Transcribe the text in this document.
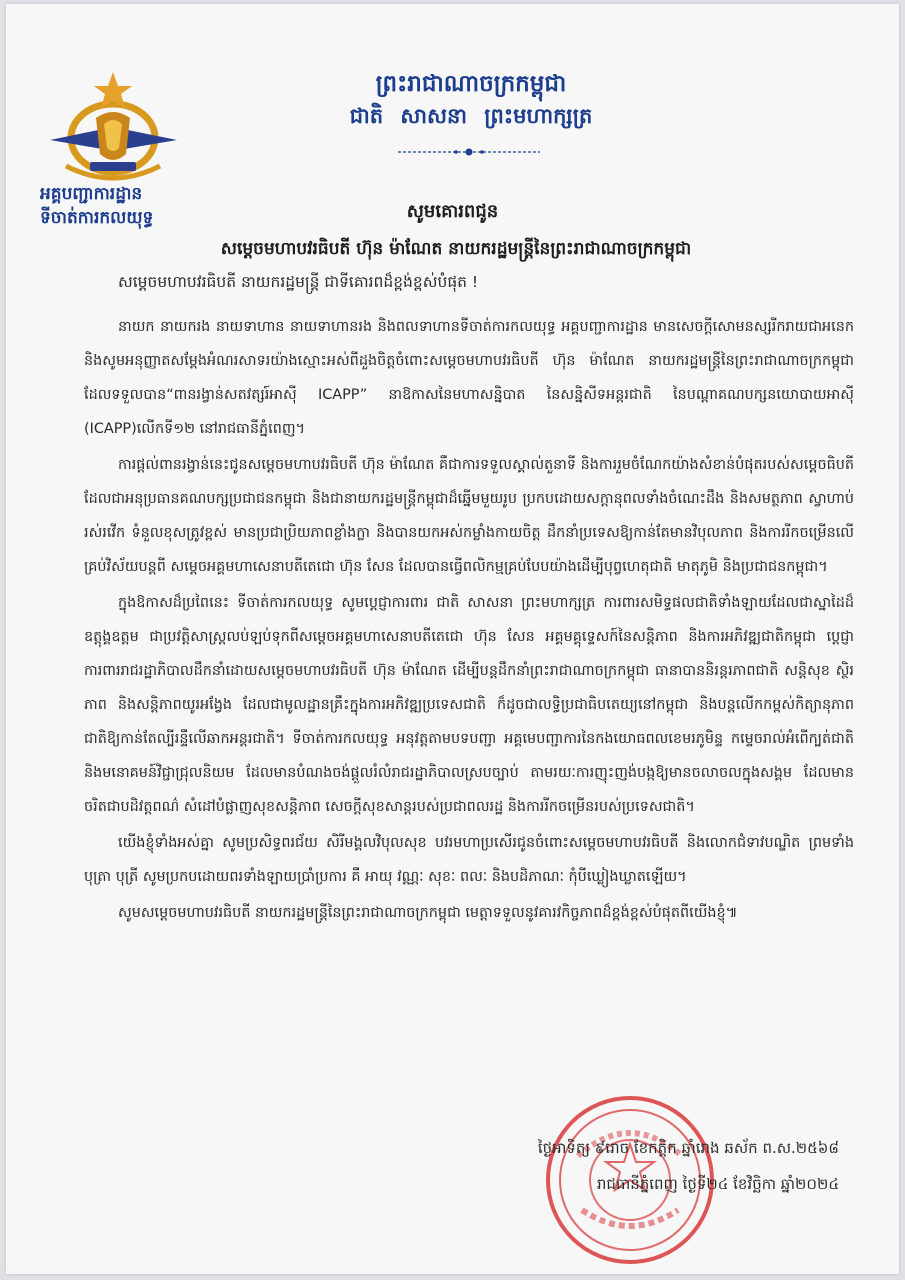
អគ្គបញ្ជាការដ្ឋាន
ទីចាត់ការកលយុទ្ធ
ព្រះរាជាណាចក្រកម្ពុជា
ជាតិ សាសនា ព្រះមហាក្សត្រ
សូមគោរពជូន
សម្តេចមហាបវរធិបតី ហ៊ុន ម៉ាណែត នាយករដ្ឋមន្ត្រីនៃព្រះរាជាណាចក្រកម្ពុជា
សម្តេចមហាបវរធិបតី នាយករដ្ឋមន្ត្រី ជាទីគោរពដ៏ខ្ពង់ខ្ពស់បំផុត !

នាយក នាយករង នាយទាហាន នាយទាហានរង និងពលទាហានទីចាត់ការកលយុទ្ធ អគ្គបញ្ជាការដ្ឋាន មានសេចក្តីសោមនស្សរីករាយជាអនេក និងសូមអនុញ្ញាតសម្តែងអំណរសាទរយ៉ាងស្មោះអស់ពីដួងចិត្តចំពោះសម្តេចមហាបវរធិបតី ហ៊ុន ម៉ាណែត នាយករដ្ឋមន្ត្រីនៃព្រះរាជាណាចក្រកម្ពុជា ដែលទទួលបាន“ពានរង្វាន់សតវត្សរ៍អាស៊ី ICAPP” នាឱកាសនៃមហាសន្និបាត នៃសន្និសីទអន្តរជាតិ នៃបណ្តាគណបក្សនយោបាយអាស៊ី (ICAPP)លើកទី១២ នៅរាជធានីភ្នំពេញ។

ការផ្តល់ពានរង្វាន់នេះជូនសម្តេចមហាបវរធិបតី ហ៊ុន ម៉ាណែត គឺជាការទទួលស្គាល់តួនាទី និងការរួមចំណែកយ៉ាងសំខាន់បំផុតរបស់សម្តេចធិបតី ដែលជាអនុប្រធានគណបក្សប្រជាជនកម្ពុជា និងជានាយករដ្ឋមន្ត្រីកម្ពុជាដ៏ឆ្នើមមួយរូប ប្រកបដោយសក្តានុពលទាំងចំណេះដឹង និងសមត្ថភាព ស្វាហាប់ រស់រវើក ទំនួលខុសត្រូវខ្ពស់ មានប្រជាប្រិយភាពខ្លាំងក្លា និងបានយកអស់កម្លាំងកាយចិត្ត ដឹកនាំប្រទេសឱ្យកាន់តែមានវិបុលភាព និងការរីកចម្រើនលើគ្រប់វិស័យបន្តពី សម្តេចអគ្គមហាសេនាបតីតេជោ ហ៊ុន សែន ដែលបានធ្វើពលិកម្មគ្រប់បែបយ៉ាងដើម្បីបុព្វហេតុជាតិ មាតុភូមិ និងប្រជាជនកម្ពុជា។

ក្នុងឱកាសដ៏ប្រពៃនេះ ទីចាត់ការកលយុទ្ធ សូមប្តេជ្ញាការពារ ជាតិ សាសនា ព្រះមហាក្សត្រ ការពារសមិទ្ធផលជាតិទាំងឡាយដែលជាស្នាដៃដ៏ឧត្តុង្គឧត្តម ជាប្រវត្តិសាស្ត្រលប់ឡប់ទុកពីសម្តេចអគ្គមហាសេនាបតីតេជោ ហ៊ុន សែន អគ្គមគ្គុទ្ទេសក៍នៃសន្តិភាព និងការអភិវឌ្ឍជាតិកម្ពុជា ប្តេជ្ញាការពាររាជរដ្ឋាភិបាលដឹកនាំដោយសម្តេចមហាបវរធិបតី ហ៊ុន ម៉ាណែត ដើម្បីបន្តដឹកនាំព្រះរាជាណាចក្រកម្ពុជា ធានាបាននិរន្តរភាពជាតិ សន្តិសុខ ស្ថិរភាព និងសន្តិភាពយូរអង្វែង ដែលជាមូលដ្ឋានគ្រឹះក្នុងការអភិវឌ្ឍប្រទេសជាតិ ក៏ដូចជាលទ្ធិប្រជាធិបតេយ្យនៅកម្ពុជា និងបន្តលើកកម្ពស់កិត្យានុភាពជាតិឱ្យកាន់តែល្បីរន្ទឺលើឆាកអន្តរជាតិ។ ទីចាត់ការកលយុទ្ធ អនុវត្តតាមបទបញ្ជា អគ្គមេបញ្ជាការនៃកងយោធពលខេមរភូមិន្ទ កម្ទេចរាល់អំពើក្បត់ជាតិ និងមនោគមន៍វិជ្ជាជ្រុលនិយម ដែលមានបំណងចង់ផ្តួលរំលំរាជរដ្ឋាភិបាលស្របច្បាប់ តាមរយៈការញុះញង់បង្កឱ្យមានចលាចលក្នុងសង្គម ដែលមានចរិតជាបដិវត្តពណ៌ សំដៅបំផ្លាញសុខសន្តិភាព សេចក្តីសុខសាន្តរបស់ប្រជាពលរដ្ឋ និងការរីកចម្រើនរបស់ប្រទេសជាតិ។

យើងខ្ញុំទាំងអស់គ្នា សូមប្រសិទ្ធពរជ័យ សិរីមង្គលវិបុលសុខ បវរមហាប្រសើរជូនចំពោះសម្តេចមហាបវរធិបតី និងលោកជំទាវបណ្ឌិត ព្រមទាំងបុត្រា បុត្រី សូមប្រកបដោយពរទាំងឡាយប្រាំប្រការ គឺ អាយុ វណ្ណៈ សុខៈ ពលៈ និងបដិភាណៈ កុំបីឃ្លៀងឃ្លាតឡើយ។

សូមសម្តេចមហាបវរធិបតី នាយករដ្ឋមន្ត្រីនៃព្រះរាជាណាចក្រកម្ពុជា មេត្តាទទួលនូវគារវកិច្ចភាពដ៏ខ្ពង់ខ្ពស់បំផុតពីយើងខ្ញុំ៕

ថ្ងៃអាទិត្យ ៩រោច ខែកត្តិក ឆ្នាំរោង ឆស័ក ព.ស.២៥៦៨
រាជធានីភ្នំពេញ ថ្ងៃទី២៤ ខែវិច្ឆិកា ឆ្នាំ២០២៤
